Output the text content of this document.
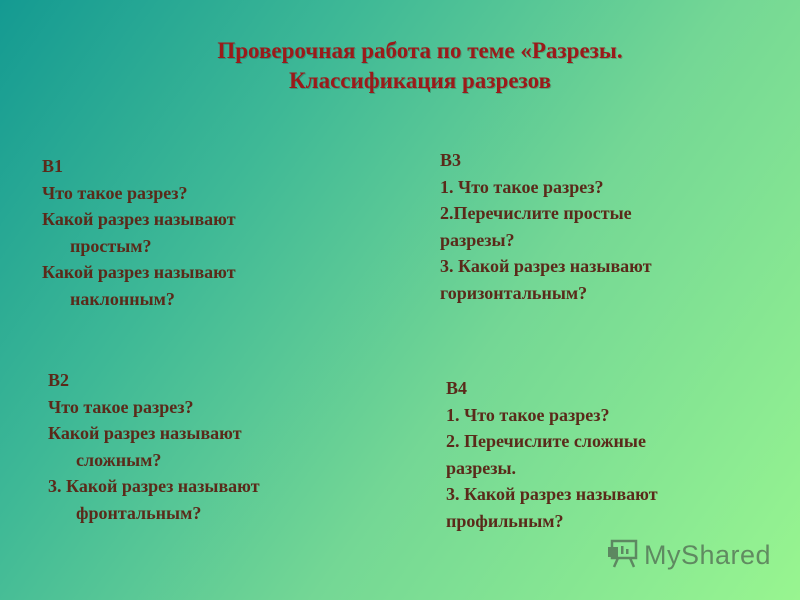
Проверочная работа по теме «Разрезы.
Классификация разрезов
В1
Что такое разрез?
Какой разрез называют
простым?
Какой разрез называют
наклонным?
В3
1. Что такое разрез?
2.Перечислите простые
разрезы?
3. Какой разрез называют
горизонтальным?
В2
Что такое разрез?
Какой разрез называют
сложным?
3. Какой разрез называют
фронтальным?
В4
1. Что такое разрез?
2. Перечислите сложные
разрезы.
3. Какой разрез называют
профильным?
MyShared
